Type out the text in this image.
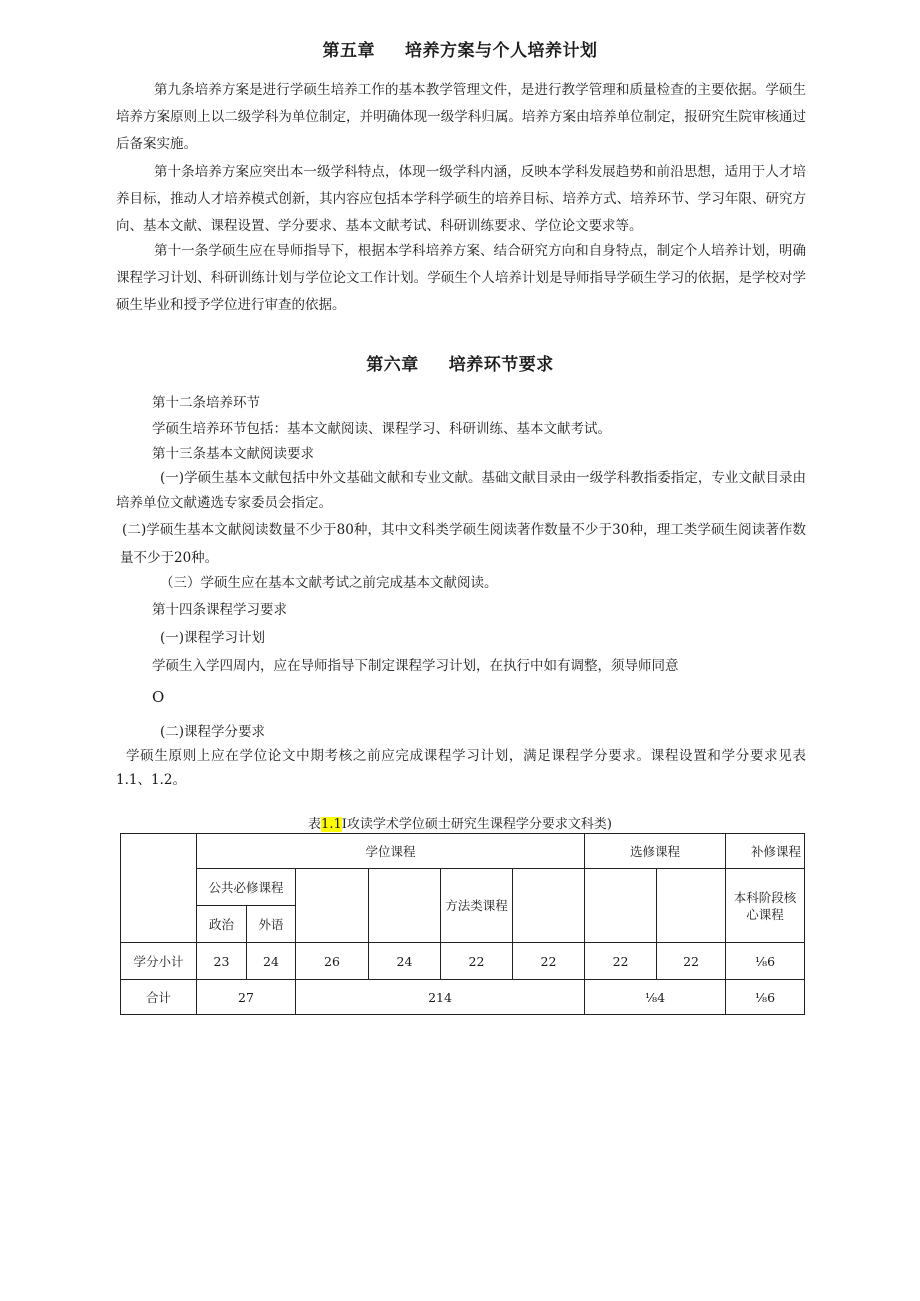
第五章 培养方案与个人培养计划

第九条培养方案是进行学硕生培养工作的基本教学管理文件，是进行教学管理和质量检查的主要依据。学硕生培养方案原则上以二级学科为单位制定，并明确体现一级学科归属。培养方案由培养单位制定，报研究生院审核通过后备案实施。

第十条培养方案应突出本一级学科特点，体现一级学科内涵，反映本学科发展趋势和前沿思想，适用于人才培养目标，推动人才培养模式创新，其内容应包括本学科学硕生的培养目标、培养方式、培养环节、学习年限、研究方向、基本文献、课程设置、学分要求、基本文献考试、科研训练要求、学位论文要求等。

第十一条学硕生应在导师指导下，根据本学科培养方案、结合研究方向和自身特点，制定个人培养计划，明确课程学习计划、科研训练计划与学位论文工作计划。学硕生个人培养计划是导师指导学硕生学习的依据，是学校对学硕生毕业和授予学位进行审查的依据。

第六章 培养环节要求

第十二条培养环节

学硕生培养环节包括：基本文献阅读、课程学习、科研训练、基本文献考试。

第十三条基本文献阅读要求

(一)学硕生基本文献包括中外文基础文献和专业文献。基础文献目录由一级学科教指委指定，专业文献目录由培养单位文献遴选专家委员会指定。

(二)学硕生基本文献阅读数量不少于80种，其中文科类学硕生阅读著作数量不少于30种，理工类学硕生阅读著作数量不少于20种。

（三）学硕生应在基本文献考试之前完成基本文献阅读。

第十四条课程学习要求

(一)课程学习计划

学硕生入学四周内，应在导师指导下制定课程学习计划，在执行中如有调整，须导师同意

O

(二)课程学分要求

学硕生原则上应在学位论文中期考核之前应完成课程学习计划，满足课程学分要求。课程设置和学分要求见表1.1、1.2。

表1.1I攻读学术学位硕士研究生课程学分要求文科类)
	学位课程						选修课程		补修课程
	公共必修课程				方法类课程				本科阶段核心课程
	政治	外语							
学分小计	23	24	26	24	22	22	22	22	⅛6
合计	27		214				⅛4		⅛6
